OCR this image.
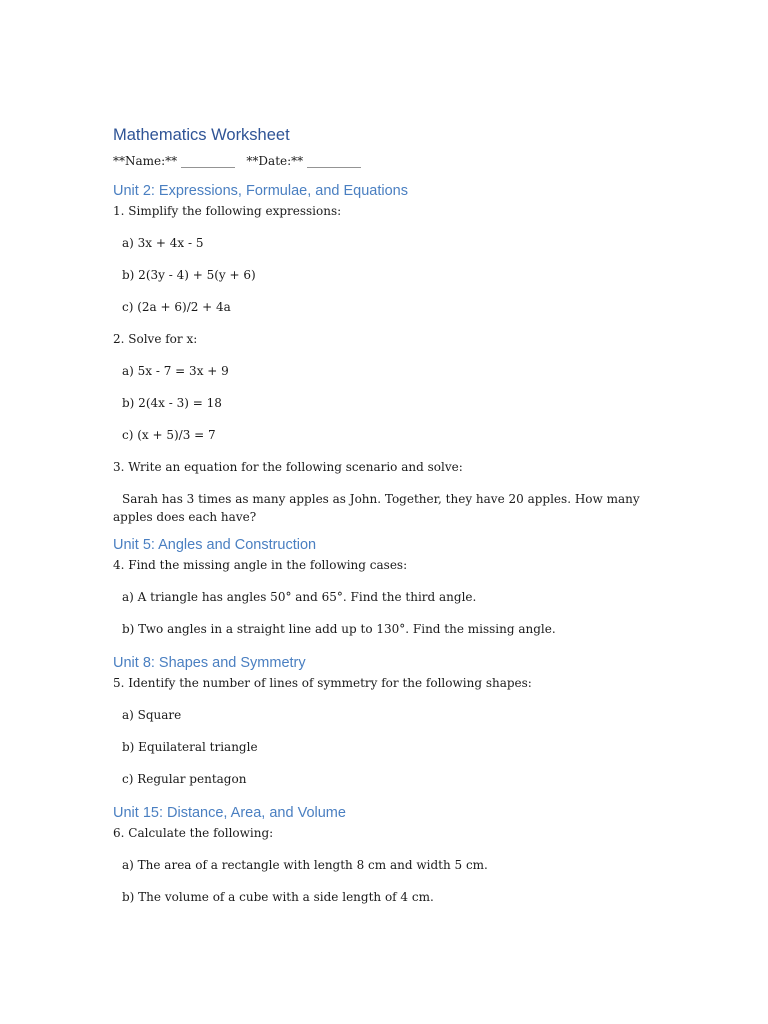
Mathematics Worksheet
**Name:** _________   **Date:** _________
Unit 2: Expressions, Formulae, and Equations
1. Simplify the following expressions:
a) 3x + 4x - 5
b) 2(3y - 4) + 5(y + 6)
c) (2a + 6)/2 + 4a
2. Solve for x:
a) 5x - 7 = 3x + 9
b) 2(4x - 3) = 18
c) (x + 5)/3 = 7
3. Write an equation for the following scenario and solve:
Sarah has 3 times as many apples as John. Together, they have 20 apples. How many apples does each have?
Unit 5: Angles and Construction
4. Find the missing angle in the following cases:
a) A triangle has angles 50° and 65°. Find the third angle.
b) Two angles in a straight line add up to 130°. Find the missing angle.
Unit 8: Shapes and Symmetry
5. Identify the number of lines of symmetry for the following shapes:
a) Square
b) Equilateral triangle
c) Regular pentagon
Unit 15: Distance, Area, and Volume
6. Calculate the following:
a) The area of a rectangle with length 8 cm and width 5 cm.
b) The volume of a cube with a side length of 4 cm.
